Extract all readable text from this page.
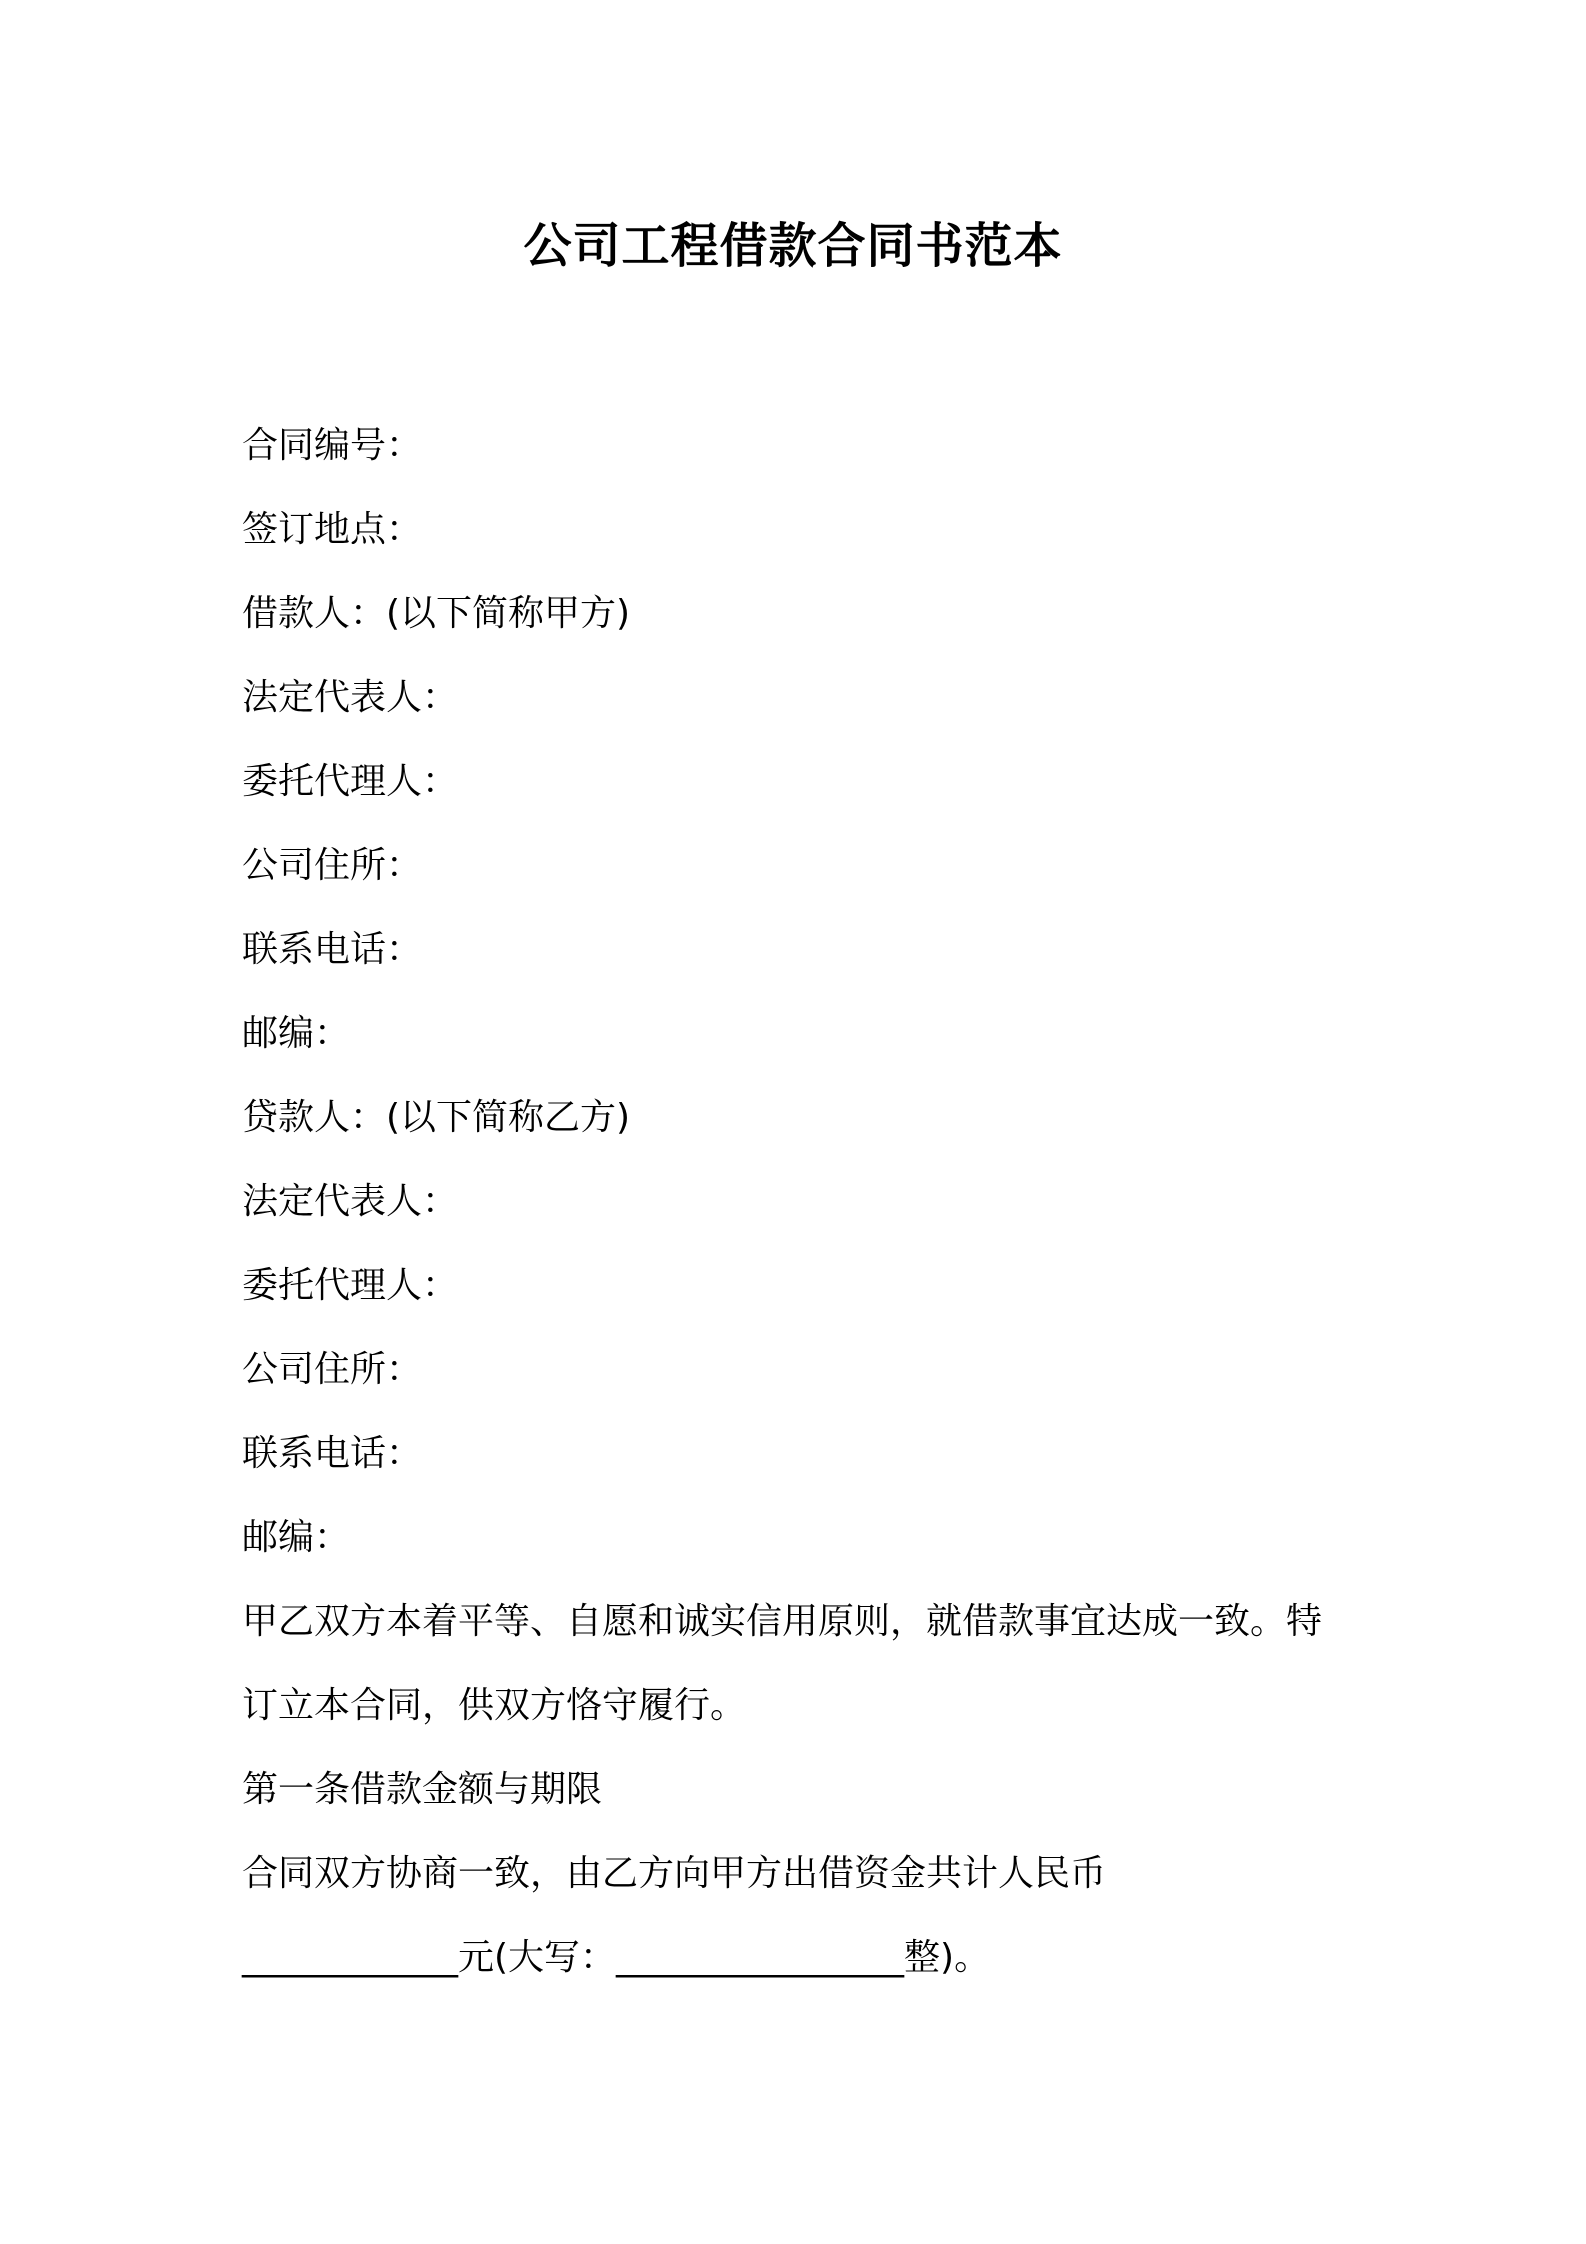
公司工程借款合同书范本
合同编号：
签订地点：
借款人：(以下简称甲方)
法定代表人：
委托代理人：
公司住所：
联系电话：
邮编：
贷款人：(以下简称乙方)
法定代表人：
委托代理人：
公司住所：
联系电话：
邮编：
甲乙双方本着平等、自愿和诚实信用原则，就借款事宜达成一致。特
订立本合同，供双方恪守履行。
第一条借款金额与期限
合同双方协商一致，由乙方向甲方出借资金共计人民币
____________元(大写：________________整)。
